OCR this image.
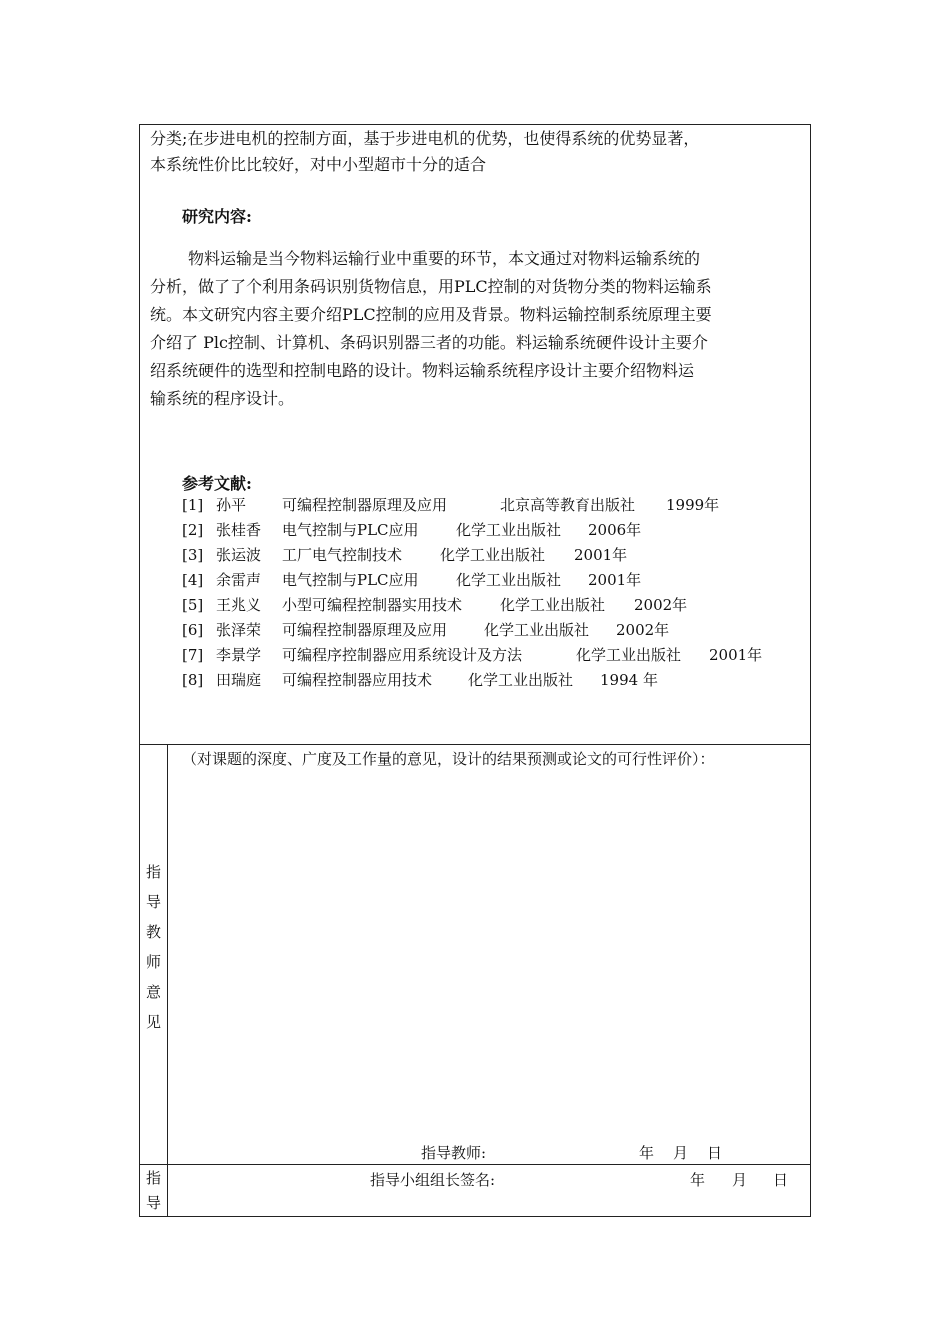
分类;在步进电机的控制方面，基于步进电机的优势，也使得系统的优势显著，
本系统性价比比较好，对中小型超市十分的适合
研究内容:
物料运输是当今物料运输行业中重要的环节，本文通过对物料运输系统的
分析，做了了个利用条码识别货物信息，用PLC控制的对货物分类的物料运输系
统。本文研究内容主要介绍PLC控制的应用及背景。物料运输控制系统原理主要
介绍了 Plc控制、计算机、条码识别器三者的功能。料运输系统硬件设计主要介
绍系统硬件的选型和控制电路的设计。物料运输系统程序设计主要介绍物料运
输系统的程序设计。
参考文献:
[1] 孙平 可编程控制器原理及应用	北京高等教育出版社 1999年
[2] 张桂香 电气控制与PLC应用 化学工业出版社 2006年
[3] 张运波 工厂电气控制技术	化学工业出版社 2001年
[4] 余雷声 电气控制与PLC应用 化学工业出版社 2001年
[5] 王兆义 小型可编程控制器实用技术	化学工业出版社 2002年
[6] 张泽荣 可编程控制器原理及应用 化学工业出版社 2002年
[7] 李景学 可编程序控制器应用系统设计及方法	化学工业出版社 2001年
[8] 田瑞庭 可编程控制器应用技术 化学工业出版社 1994 年
指
导
教
师
意
见
（对课题的深度、广度及工作量的意见，设计的结果预测或论文的可行性评价）：
指导教师:	年 月 日
指
导
指导小组组长签名:	年 月 日
